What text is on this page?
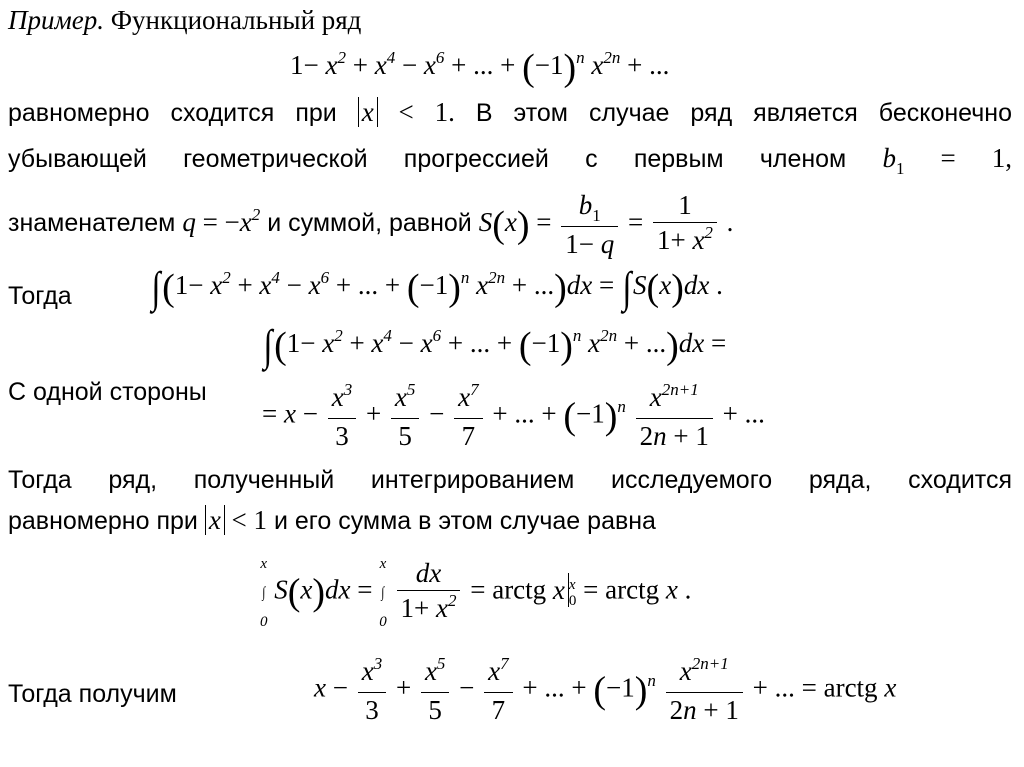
Пример. Функциональный ряд
$1- x^2 + x^4 - x^6$ + ... + $(-1)^n$ $x^{2n}$ + ...
равномерно сходится при x < 1. В этом случае ряд является бесконечно
убывающей геометрической прогрессией с первым членом $b_1 = 1$,
знаменателем $q = -x^2$ и суммой, равной $S(x) = \frac{b_1}{1- q} = \frac{1}{1+ x^2}$ .
Тогда $\int(1- x^2 + x^4 - x^6$ + ... + $(-1)^n$ $x^{2n} + ...)dx = \int S(x)dx$ .
$\int(1- x^2 + x^4 - x^6$ + ... + $(-1)^n$ $x^{2n} + ...)dx$ =
С одной стороны
= $x - \frac{x^3}{3} + \frac{x^5}{5} - \frac{x^7}{7}$ + ... + $(-1)^n \frac{x^{2n+1}}{2n + 1}$ + ...
Тогда ряд, полученный интегрированием исследуемого ряда, сходится
равномерно при x < 1 и его сумма в этом случае равна
x
∫
0
S(x)dx =
x
∫
0
$\frac{dx}{1+ x^2}$ = arctg x x
0 = arctg x .
Тогда получим	$x - \frac{x^3}{3} + \frac{x^5}{5} - \frac{x^7}{7}$ + ... + $(-1)^n \frac{x^{2n+1}}{2n + 1}$ + ... = arctg x
